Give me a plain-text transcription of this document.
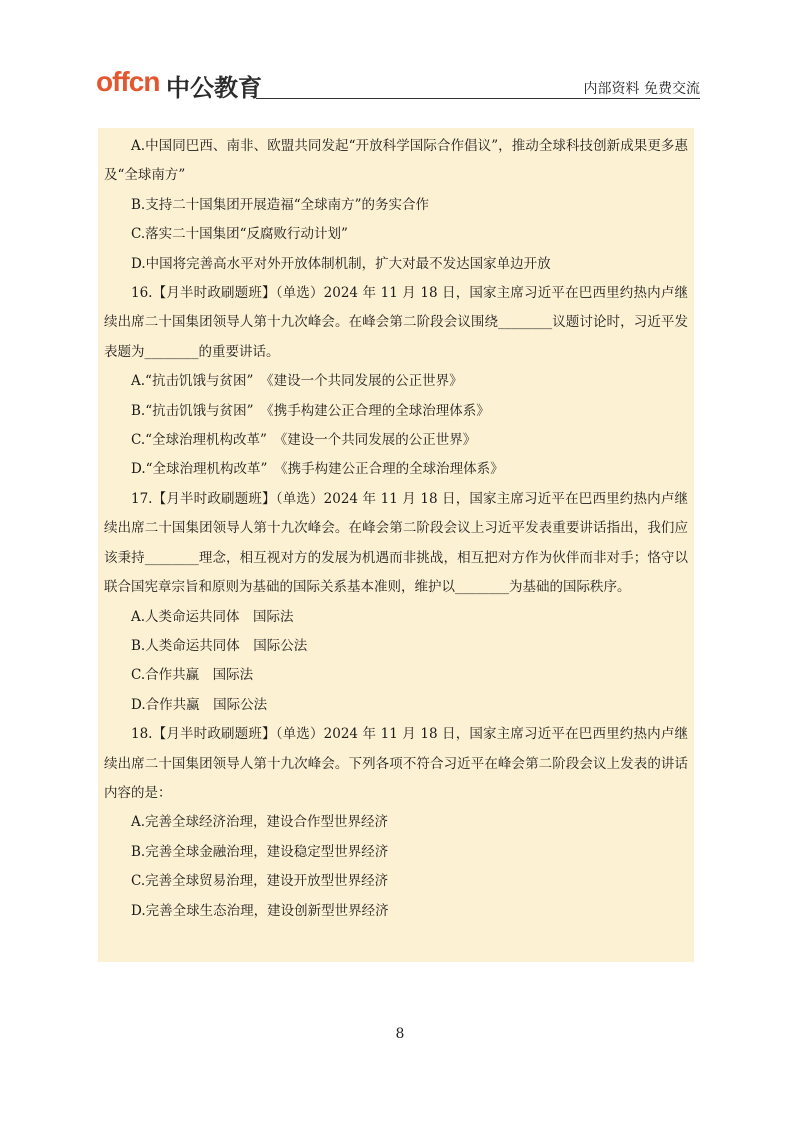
offcn 中公教育	内部资料 免费交流

A.中国同巴西、南非、欧盟共同发起“开放科学国际合作倡议”，推动全球科技创新成果更多惠及“全球南方”

B.支持二十国集团开展造福“全球南方”的务实合作

C.落实二十国集团“反腐败行动计划”

D.中国将完善高水平对外开放体制机制，扩大对最不发达国家单边开放

16.【月半时政刷题班】（单选）2024 年 11 月 18 日，国家主席习近平在巴西里约热内卢继续出席二十国集团领导人第十九次峰会。在峰会第二阶段会议围绕________议题讨论时，习近平发表题为________的重要讲话。

A.“抗击饥饿与贫困”　《建设一个共同发展的公正世界》

B.“抗击饥饿与贫困”　《携手构建公正合理的全球治理体系》

C.“全球治理机构改革”　《建设一个共同发展的公正世界》

D.“全球治理机构改革”　《携手构建公正合理的全球治理体系》

17.【月半时政刷题班】（单选）2024 年 11 月 18 日，国家主席习近平在巴西里约热内卢继续出席二十国集团领导人第十九次峰会。在峰会第二阶段会议上习近平发表重要讲话指出，我们应该秉持________理念，相互视对方的发展为机遇而非挑战，相互把对方作为伙伴而非对手；恪守以联合国宪章宗旨和原则为基础的国际关系基本准则，维护以________为基础的国际秩序。

A.人类命运共同体　国际法

B.人类命运共同体　国际公法

C.合作共赢　国际法

D.合作共赢　国际公法

18.【月半时政刷题班】（单选）2024 年 11 月 18 日，国家主席习近平在巴西里约热内卢继续出席二十国集团领导人第十九次峰会。下列各项不符合习近平在峰会第二阶段会议上发表的讲话内容的是：

A.完善全球经济治理，建设合作型世界经济

B.完善全球金融治理，建设稳定型世界经济

C.完善全球贸易治理，建设开放型世界经济

D.完善全球生态治理，建设创新型世界经济

8
